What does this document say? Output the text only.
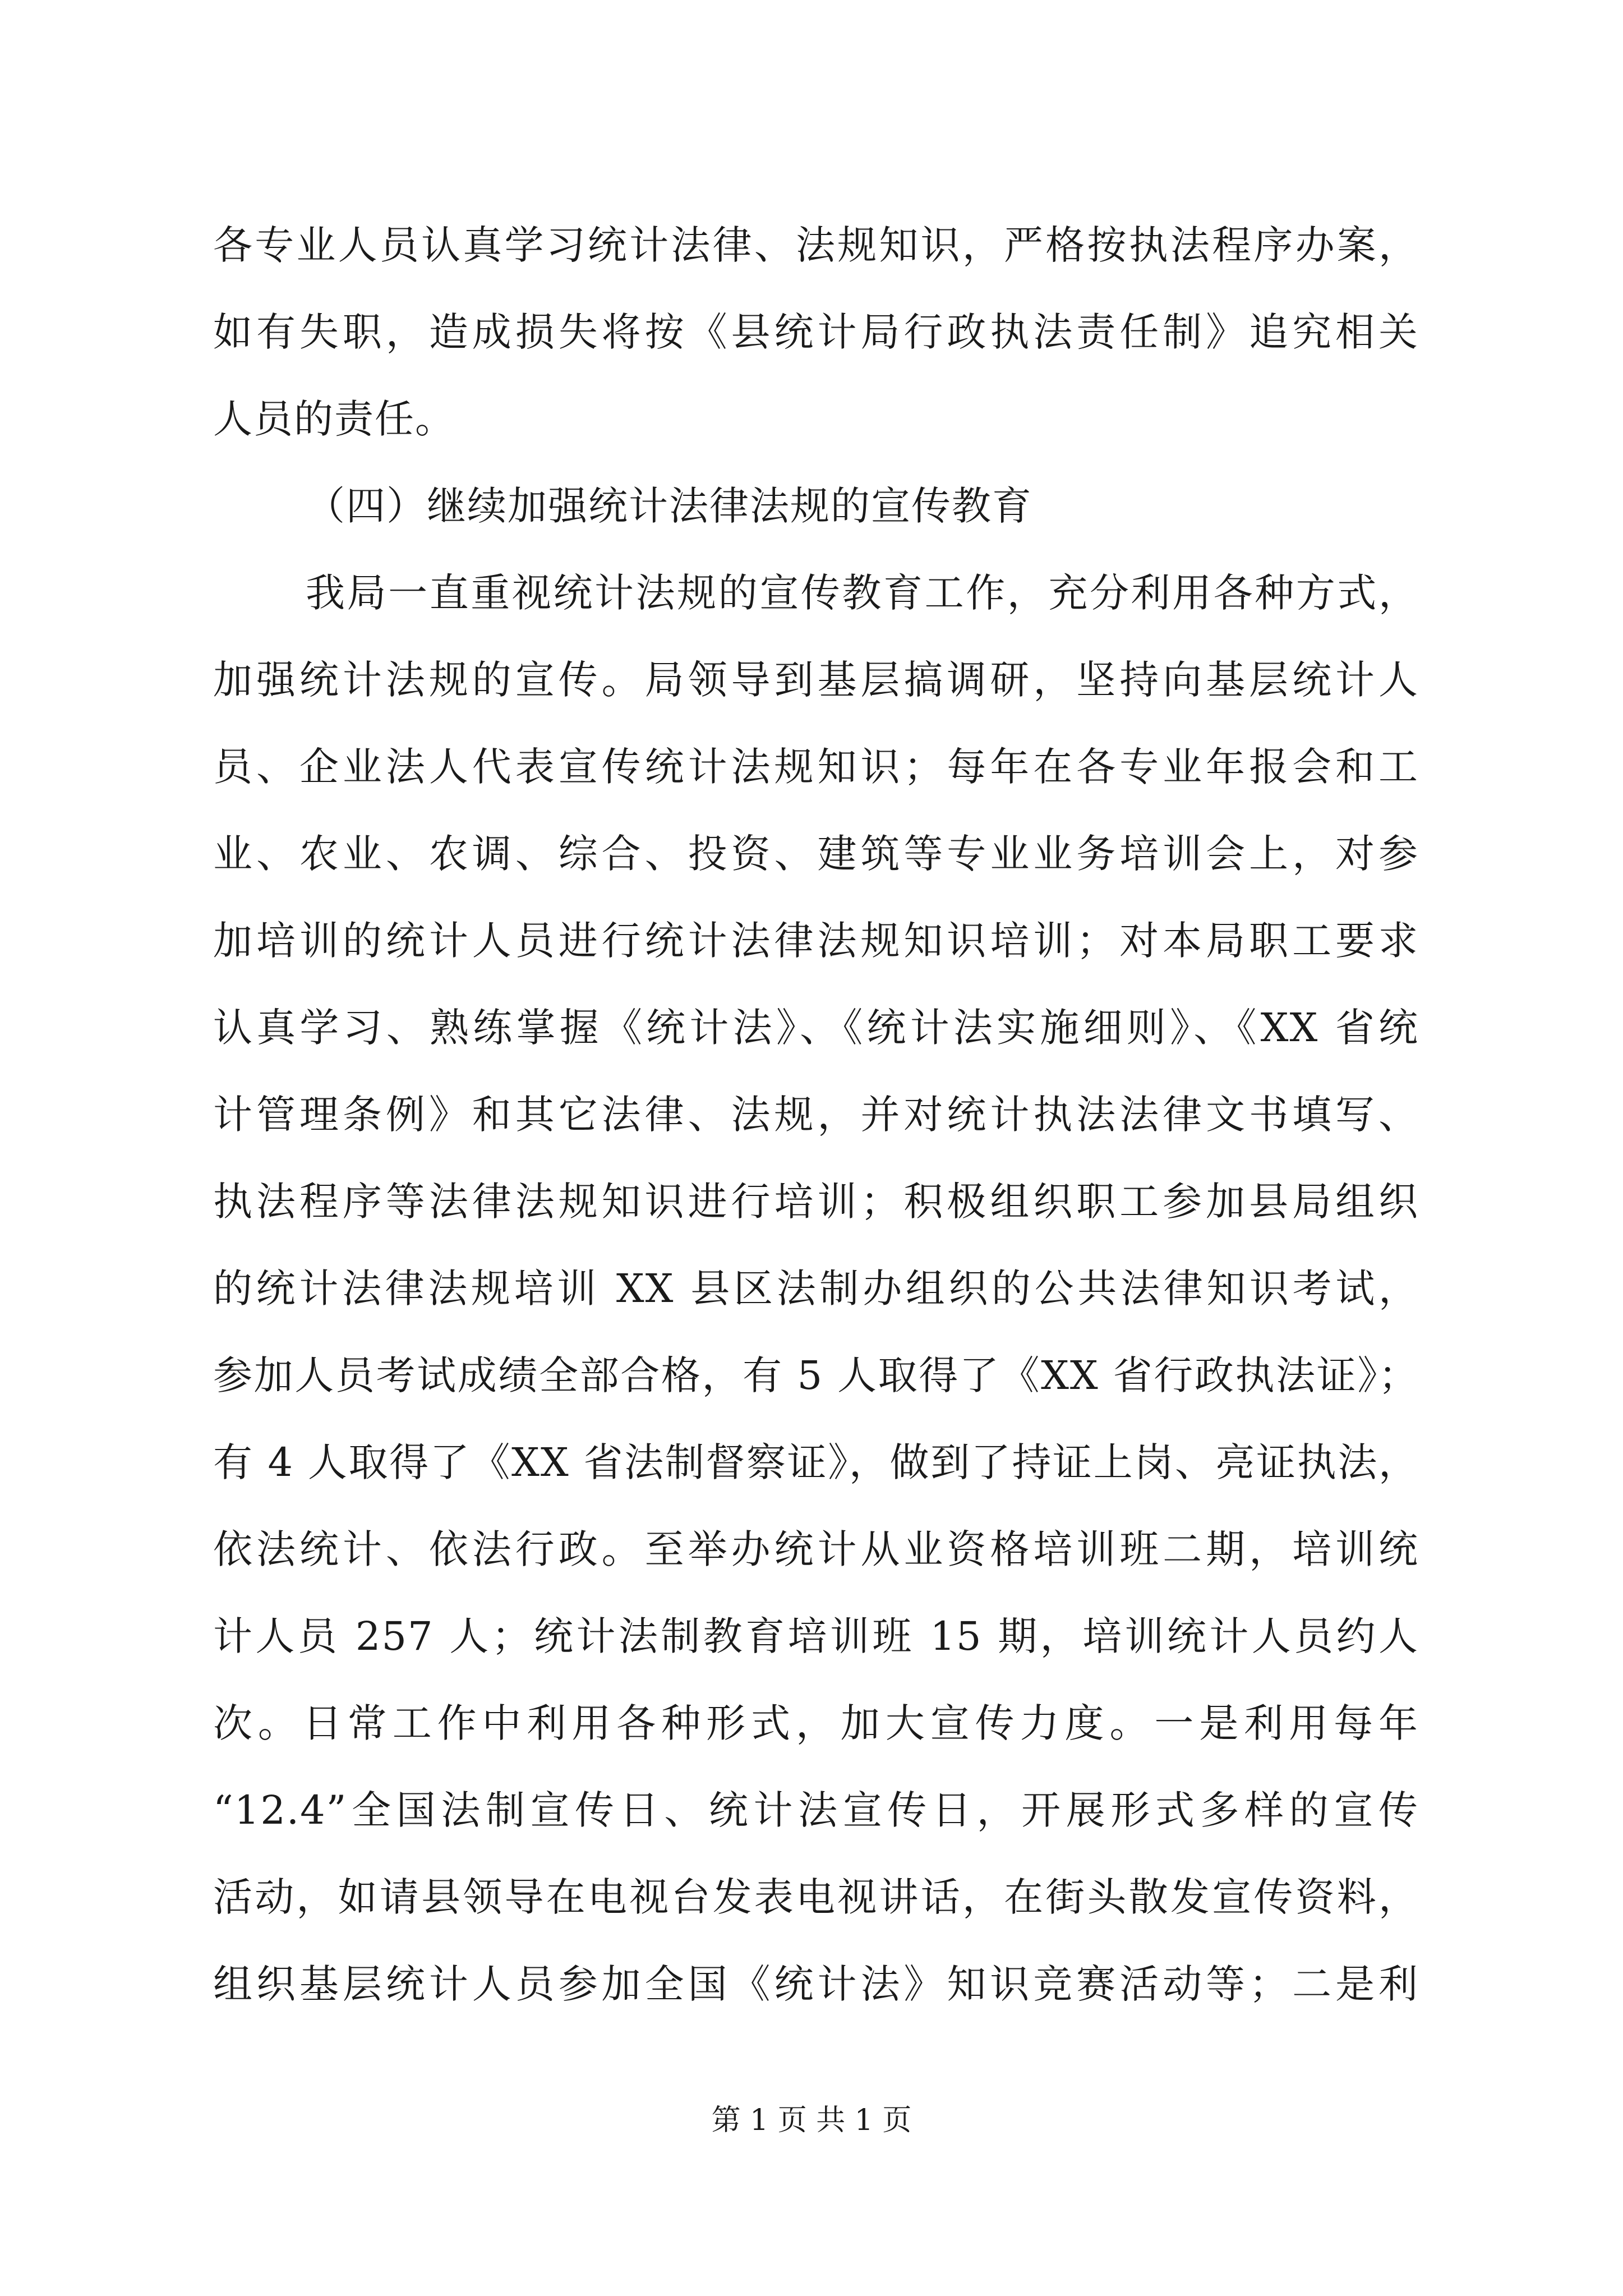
各专业人员认真学习统计法律、法规知识，严格按执法程序办案，
如有失职，造成损失将按《县统计局行政执法责任制》追究相关
人员的责任。
（四）继续加强统计法律法规的宣传教育
我局一直重视统计法规的宣传教育工作，充分利用各种方式，
加强统计法规的宣传。局领导到基层搞调研，坚持向基层统计人
员、企业法人代表宣传统计法规知识；每年在各专业年报会和工
业、农业、农调、综合、投资、建筑等专业业务培训会上，对参
加培训的统计人员进行统计法律法规知识培训；对本局职工要求
认真学习、熟练掌握《统计法》、《统计法实施细则》、《XX 省统
计管理条例》和其它法律、法规，并对统计执法法律文书填写、
执法程序等法律法规知识进行培训；积极组织职工参加县局组织
的统计法律法规培训 XX 县区法制办组织的公共法律知识考试，
参加人员考试成绩全部合格，有 5 人取得了《XX 省行政执法证》；
有 4 人取得了《XX 省法制督察证》，做到了持证上岗、亮证执法，
依法统计、依法行政。至举办统计从业资格培训班二期，培训统
计人员 257 人；统计法制教育培训班 15 期，培训统计人员约人
次。日常工作中利用各种形式，加大宣传力度。一是利用每年
“12.4”全国法制宣传日、统计法宣传日，开展形式多样的宣传
活动，如请县领导在电视台发表电视讲话，在街头散发宣传资料，
组织基层统计人员参加全国《统计法》知识竞赛活动等；二是利
第 1 页 共 1 页
